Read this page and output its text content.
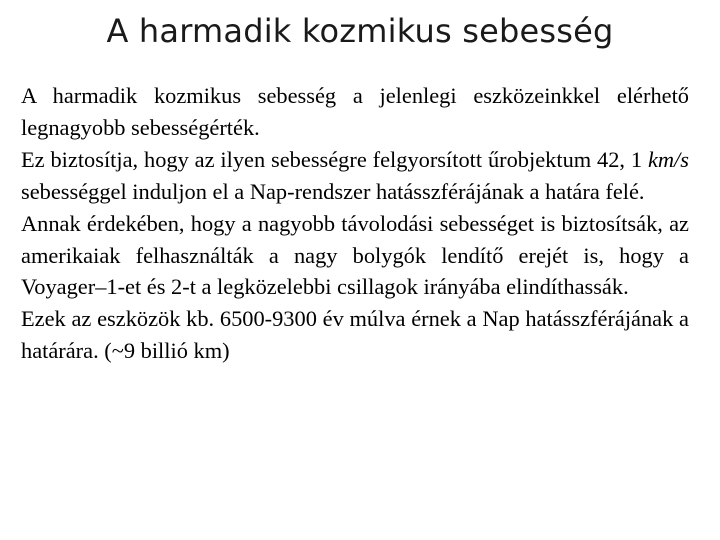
A harmadik kozmikus sebesség

A harmadik kozmikus sebesség a jelenlegi eszközeinkkel elérhető legnagyobb sebességérték.

Ez biztosítja, hogy az ilyen sebességre felgyorsított űrobjektum 42, 1 km/s sebességgel induljon el a Nap-rendszer hatásszférájának a határa felé.

Annak érdekében, hogy a nagyobb távolodási sebességet is biztosítsák, az amerikaiak felhasználták a nagy bolygók lendítő erejét is, hogy a Voyager–1-et és 2-t a legközelebbi csillagok irányába elindíthassák.

Ezek az eszközök kb. 6500-9300 év múlva érnek a Nap hatásszférájának a határára. (~9 billió km)
